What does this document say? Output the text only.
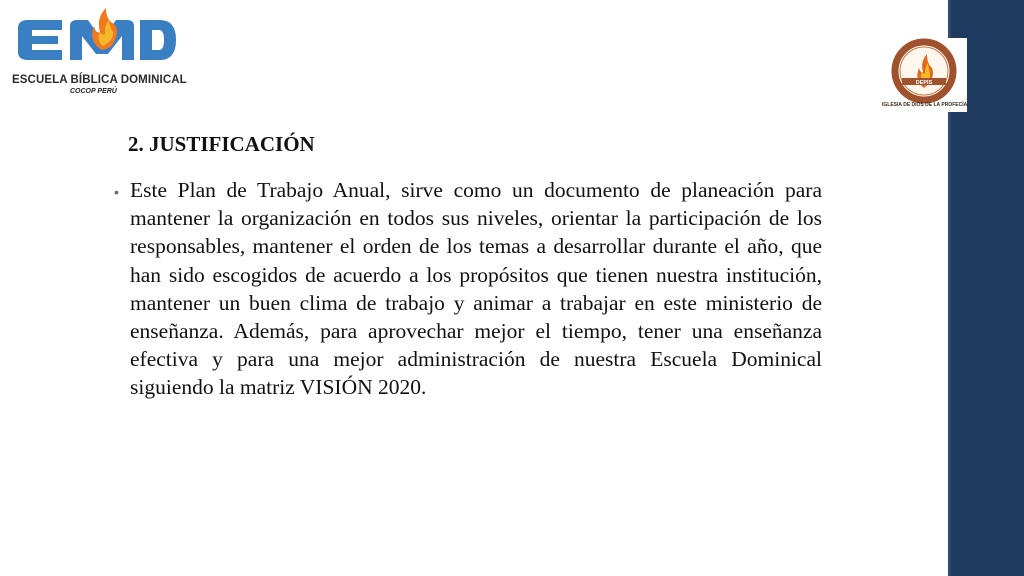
ESCUELA BÍBLICA DOMINICAL
COCOP PERÚ
DEPIS
IGLESIA DE DIOS DE LA PROFECÍA
2. JUSTIFICACIÓN
• Este Plan de Trabajo Anual, sirve como un documento de planeación para mantener la organización en todos sus niveles, orientar la participación de los responsables, mantener el orden de los temas a desarrollar durante el año, que han sido escogidos de acuerdo a los propósitos que tienen nuestra institución, mantener un buen clima de trabajo y animar a trabajar en este ministerio de enseñanza. Además, para aprovechar mejor el tiempo, tener una enseñanza efectiva y para una mejor administración de nuestra Escuela Dominical siguiendo la matriz VISIÓN 2020.
